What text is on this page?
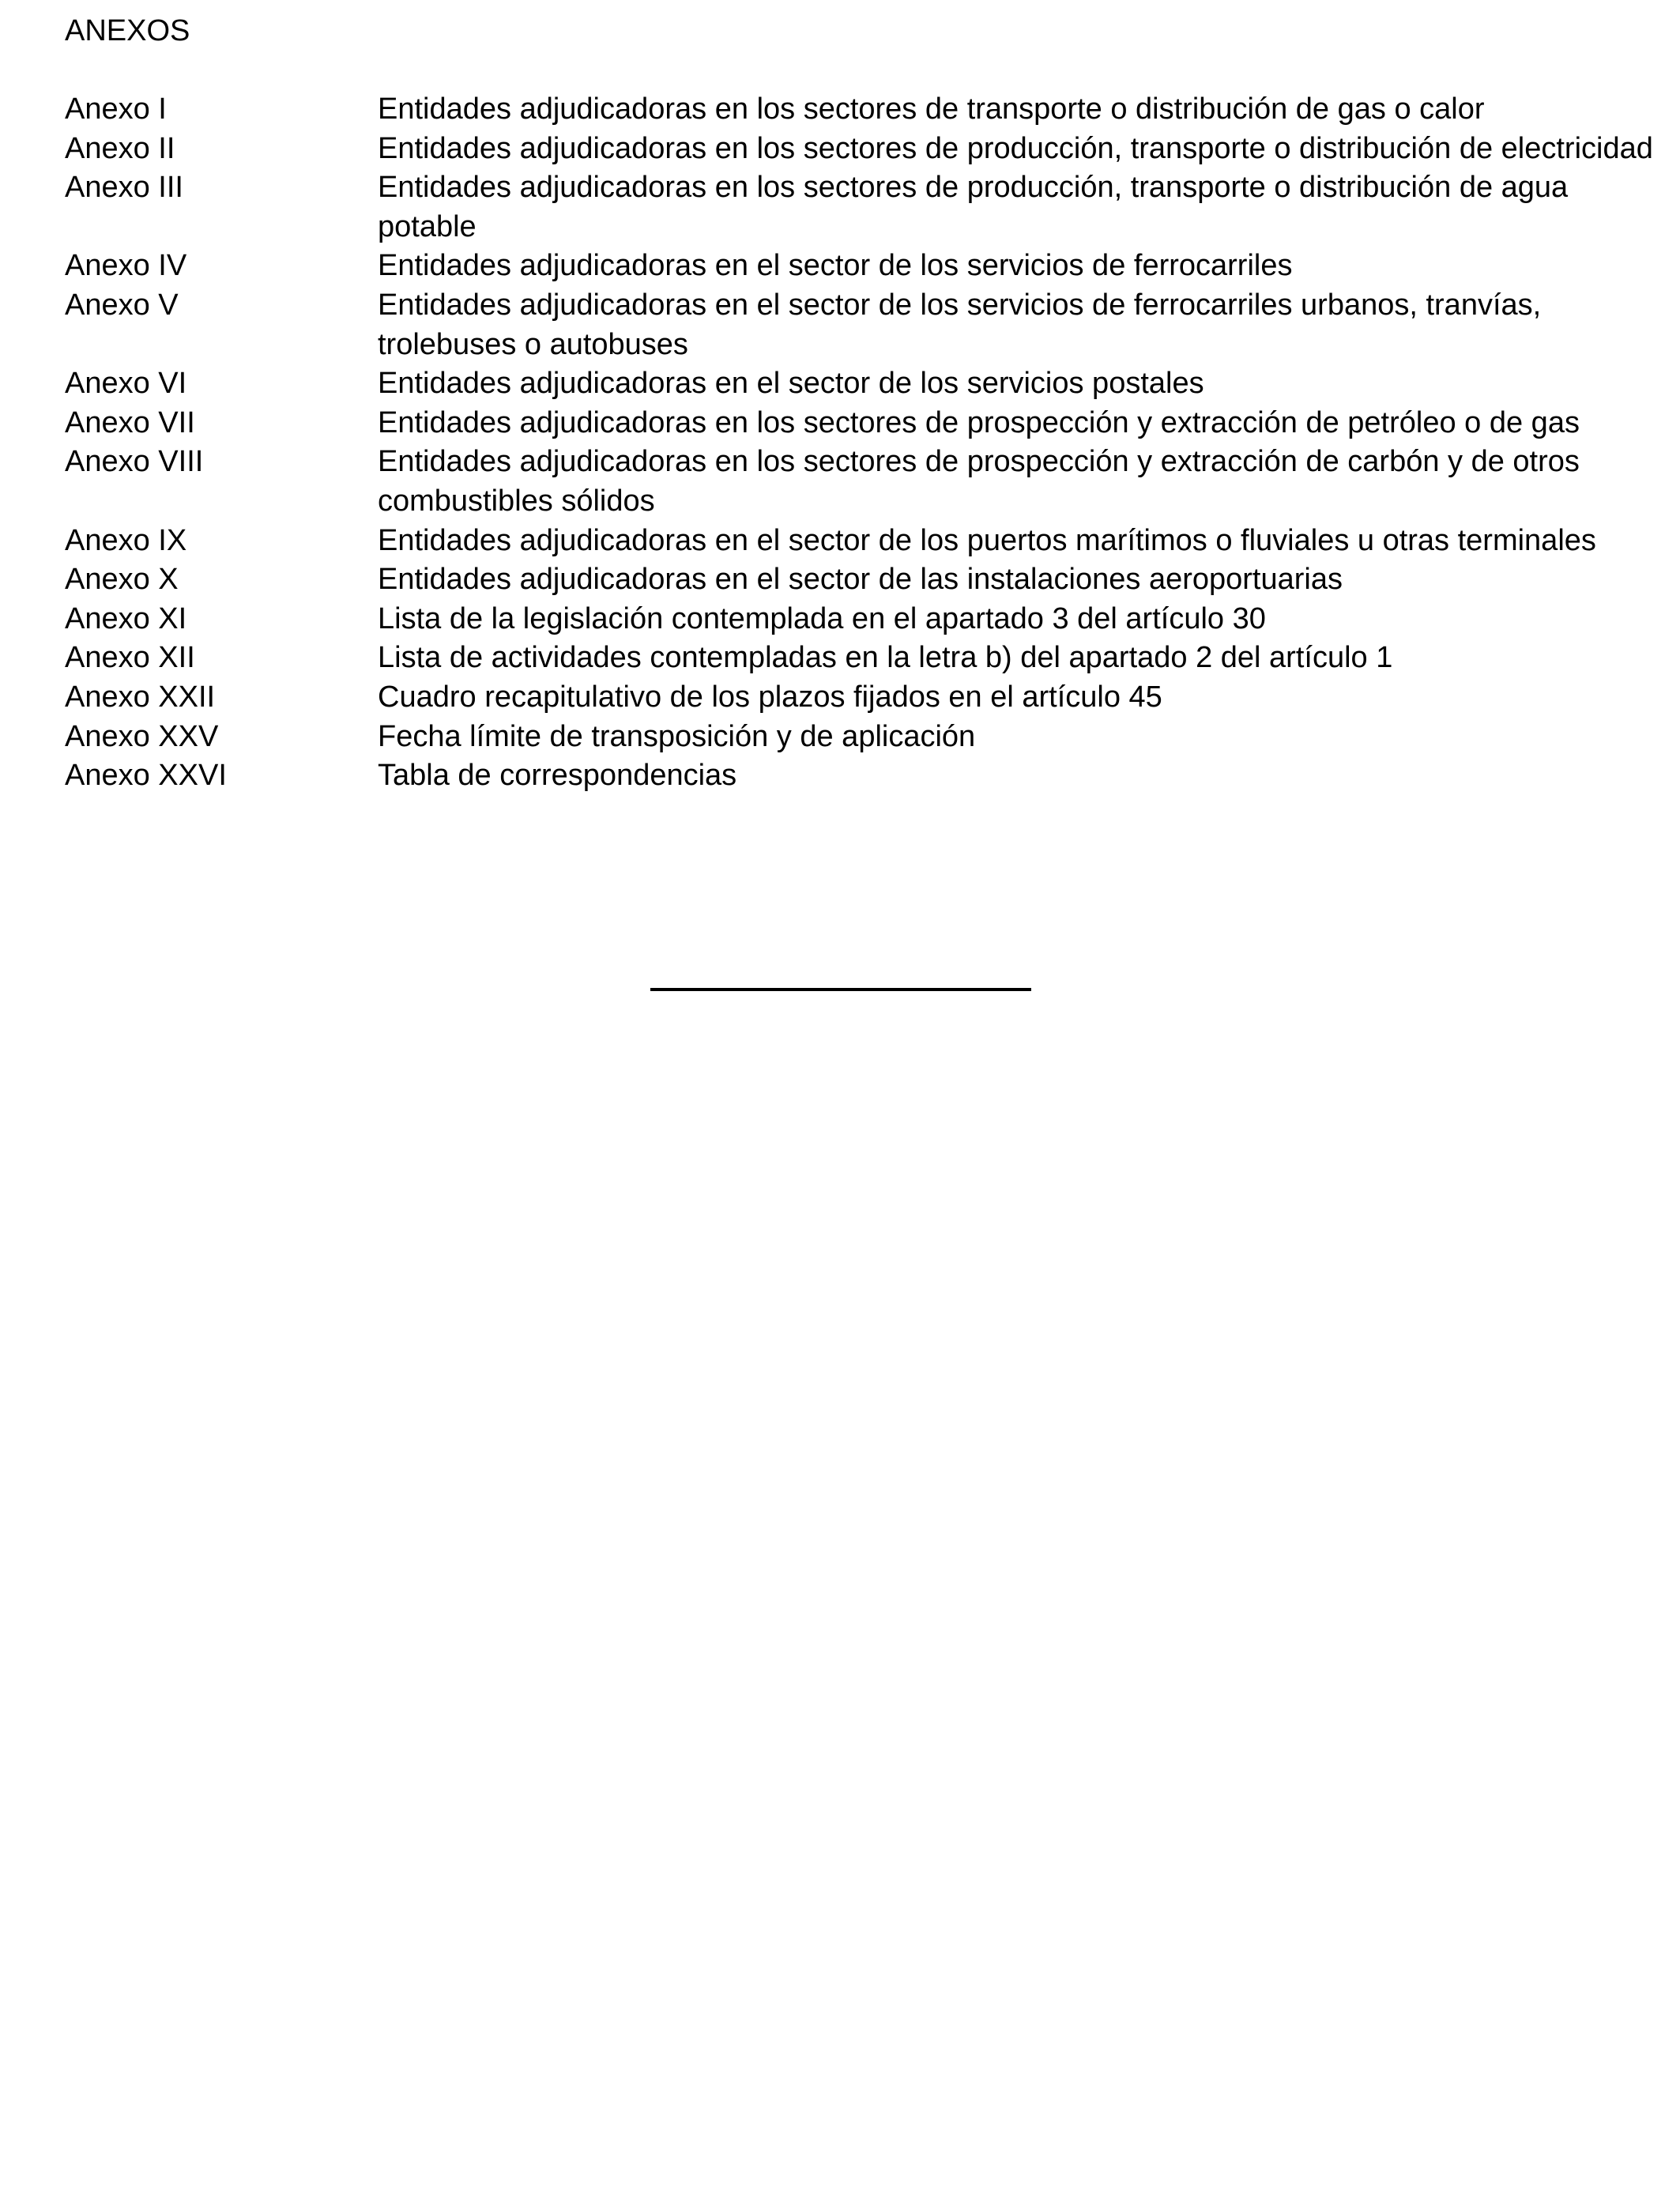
ANEXOS

Anexo I	Entidades adjudicadoras en los sectores de transporte o distribución de gas o calor
Anexo II	Entidades adjudicadoras en los sectores de producción, transporte o distribución de electricidad
Anexo III	Entidades adjudicadoras en los sectores de producción, transporte o distribución de agua potable
Anexo IV	Entidades adjudicadoras en el sector de los servicios de ferrocarriles
Anexo V	Entidades adjudicadoras en el sector de los servicios de ferrocarriles urbanos, tranvías, trolebuses o autobuses
Anexo VI	Entidades adjudicadoras en el sector de los servicios postales
Anexo VII	Entidades adjudicadoras en los sectores de prospección y extracción de petróleo o de gas
Anexo VIII	Entidades adjudicadoras en los sectores de prospección y extracción de carbón y de otros combustibles sólidos
Anexo IX	Entidades adjudicadoras en el sector de los puertos marítimos o fluviales u otras terminales
Anexo X	Entidades adjudicadoras en el sector de las instalaciones aeroportuarias
Anexo XI	Lista de la legislación contemplada en el apartado 3 del artículo 30
Anexo XII	Lista de actividades contempladas en la letra b) del apartado 2 del artículo 1
Anexo XXII	Cuadro recapitulativo de los plazos fijados en el artículo 45
Anexo XXV	Fecha límite de transposición y de aplicación
Anexo XXVI	Tabla de correspondencias
